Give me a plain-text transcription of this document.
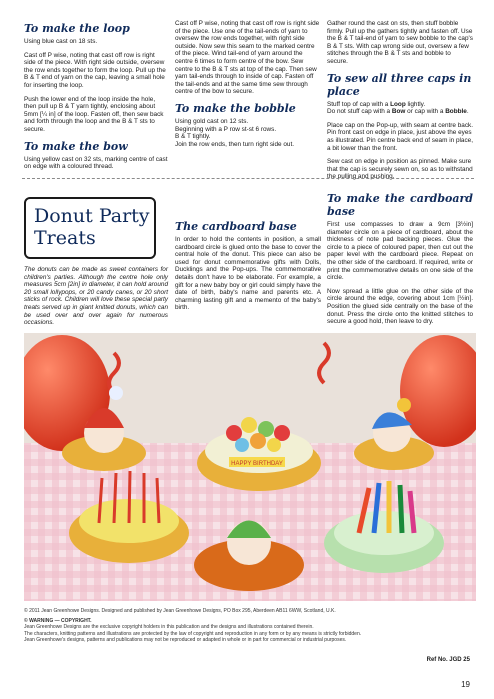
To make the loop

Using blue cast on 18 sts.

Cast off P wise, noting that cast off row is right side of the piece. With right side outside, oversew the row ends together to form the loop. Pull up the B & T end of yarn on the cap, leaving a small hole for inserting the loop.

Push the lower end of the loop inside the hole, then pull up B & T yarn tightly, enclosing about 5mm [¼ in] of the loop. Fasten off, then sew back and forth through the loop and the B & T sts to secure.

To make the bow

Using yellow cast on 32 sts, marking centre of cast on edge with a coloured thread.

Cast off P wise, noting that cast off row is right side of the piece. Use one of the tail-ends of yarn to oversew the row ends together, with right side outside. Now sew this seam to the marked centre of the piece. Wind tail-end of yarn around the centre 6 times to form centre of the bow. Sew centre to the B & T sts at top of the cap. Then sew yarn tail-ends through to inside of cap. Fasten off the tail-ends and at the same time sew through centre of the bow to secure.

To make the bobble

Using gold cast on 12 sts.

Beginning with a P row st-st 6 rows.

B & T tightly.

Join the row ends, then turn right side out.

Gather round the cast on sts, then stuff bobble firmly. Pull up the gathers tightly and fasten off. Use the B & T tail-end of yarn to sew bobble to the cap's B & T sts. With cap wrong side out, oversew a few stitches through the B & T sts and bobble to secure.

To sew all three caps in place

Stuff top of cap with a Loop lightly.

Do not stuff cap with a Bow or cap with a Bobble.

Place cap on the Pop-up, with seam at centre back. Pin front cast on edge in place, just above the eyes as illustrated. Pin centre back end of seam in place, a bit lower than the front.

Sew cast on edge in position as pinned. Make sure that the cap is securely sewn on, so as to withstand the pulling and pushing.

Donut Party
Treats

The donuts can be made as sweet containers for children's parties. Although the centre hole only measures 5cm [2in] in diameter, it can hold around 20 small lollypops, or 20 candy canes, or 20 short sticks of rock. Children will love these special party treats served up in giant knitted donuts, which can be used over and over again for numerous occasions.

The cardboard base

In order to hold the contents in position, a small cardboard circle is glued onto the base to cover the central hole of the donut. This piece can also be used for donut commemorative gifts with Dolls, Ducklings and the Pop-ups. The commemorative details don't have to be elaborate. For example, a gift for a new baby boy or girl could simply have the date of birth, baby's name and parents etc. A charming lasting gift and a memento of the baby's birth.

To make the cardboard base

First use compasses to draw a 9cm [3½in] diameter circle on a piece of cardboard, about the thickness of note pad backing pieces. Glue the circle to a piece of coloured paper, then cut out the paper level with the cardboard piece. Repeat on the other side of the cardboard. If required, write or print the commemorative details on one side of the circle.

Now spread a little glue on the other side of the circle around the edge, covering about 1cm [½in]. Position the glued side centrally on the base of the donut. Press the circle onto the knitted stitches to secure a good hold, then leave to dry.

HAPPY BIRTHDAY
© 2011 Jean Greenhowe Designs. Designed and published by Jean Greenhowe Designs, PO Box 295, Aberdeen AB11 6WW, Scotland, U.K.
© WARNING — COPYRIGHT.
Jean Greenhowe Designs are the exclusive copyright holders in this publication and the designs and illustrations contained therein.
The characters, knitting patterns and illustrations are protected by the law of copyright and reproduction in any form or by any means is strictly forbidden.
Jean Greenhowe's designs, patterns and publications may not be reproduced or adapted in whole or in part for commercial or industrial purposes.
Ref No. JGD 25
19
